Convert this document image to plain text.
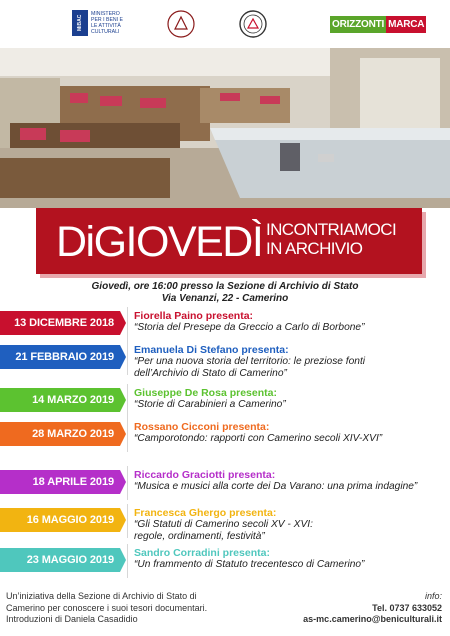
MiBAC
MINISTERO
PER I BENI E
LE ATTIVITÀ
CULTURALI
ORIZZONTI MARCA
DiGIOVEDÌ INCONTRIAMOCI
IN ARCHIVIO
Giovedì, ore 16:00 presso la Sezione di Archivio di Stato
Via Venanzi, 22 - Camerino
13 DICEMBRE 2018
Fiorella Paino presenta:
“Storia del Presepe da Greccio a Carlo di Borbone”
21 FEBBRAIO 2019
Emanuela Di Stefano presenta:
“Per una nuova storia del territorio: le preziose fonti
dell’Archivio di Stato di Camerino”
14 MARZO 2019
Giuseppe De Rosa presenta:
“Storie di Carabinieri a Camerino”
28 MARZO 2019
Rossano Cicconi presenta:
“Camporotondo: rapporti con Camerino secoli XIV-XVI”
18 APRILE 2019
Riccardo Graciotti presenta:
“Musica e musici alla corte dei Da Varano: una prima indagine”
16 MAGGIO 2019
Francesca Ghergo presenta:
“Gli Statuti di Camerino secoli XV - XVI:
regole, ordinamenti, festività”
23 MAGGIO 2019
Sandro Corradini presenta:
“Un frammento di Statuto trecentesco di Camerino”
Un’iniziativa della Sezione di Archivio di Stato di
Camerino per conoscere i suoi tesori documentari.
Introduzioni di Daniela Casadidio
info:
Tel. 0737 633052
as-mc.camerino@beniculturali.it
